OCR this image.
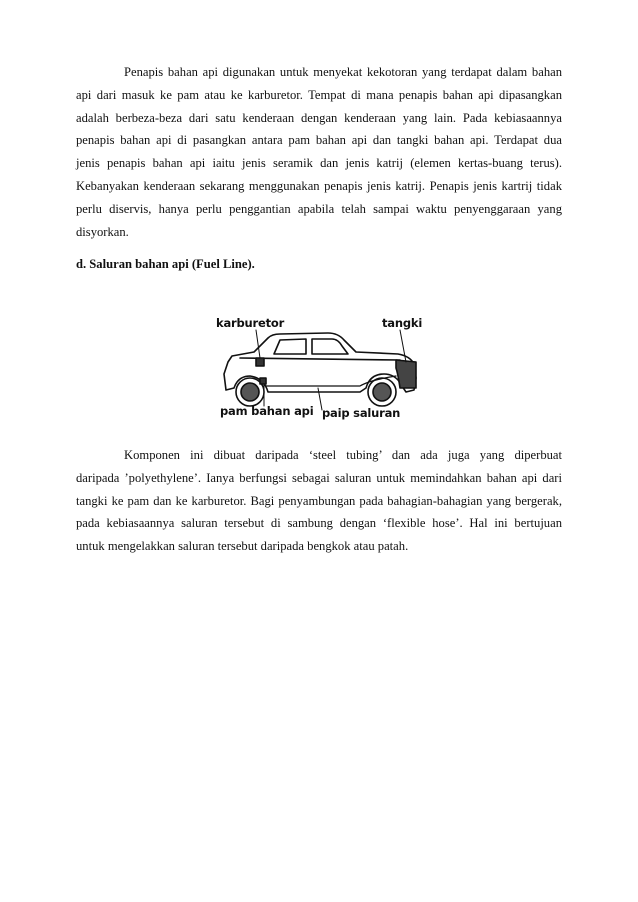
Penapis bahan api digunakan untuk menyekat kekotoran yang terdapat dalam bahan
api dari masuk ke pam atau ke karburetor. Tempat di mana penapis bahan api dipasangkan
adalah berbeza-beza dari satu kenderaan dengan kenderaan yang lain. Pada kebiasaannya
penapis bahan api di pasangkan antara pam bahan api dan tangki bahan api. Terdapat dua
jenis penapis bahan api iaitu jenis seramik dan jenis katrij (elemen kertas-buang terus).
Kebanyakan kenderaan sekarang menggunakan penapis jenis katrij. Penapis jenis kartrij tidak
perlu diservis, hanya perlu penggantian apabila telah sampai waktu penyenggaraan yang
disyorkan.

d. Saluran bahan api (Fuel Line).

karburetor	tangki
pam bahan api paip saluran
Komponen ini dibuat daripada ‘steel tubing’ dan ada juga yang diperbuat
daripada ’polyethylene’. Ianya berfungsi sebagai saluran untuk memindahkan bahan api dari
tangki ke pam dan ke karburetor. Bagi penyambungan pada bahagian-bahagian yang bergerak,
pada kebiasaannya saluran tersebut di sambung dengan ‘flexible hose’. Hal ini bertujuan
untuk mengelakkan saluran tersebut daripada bengkok atau patah.
